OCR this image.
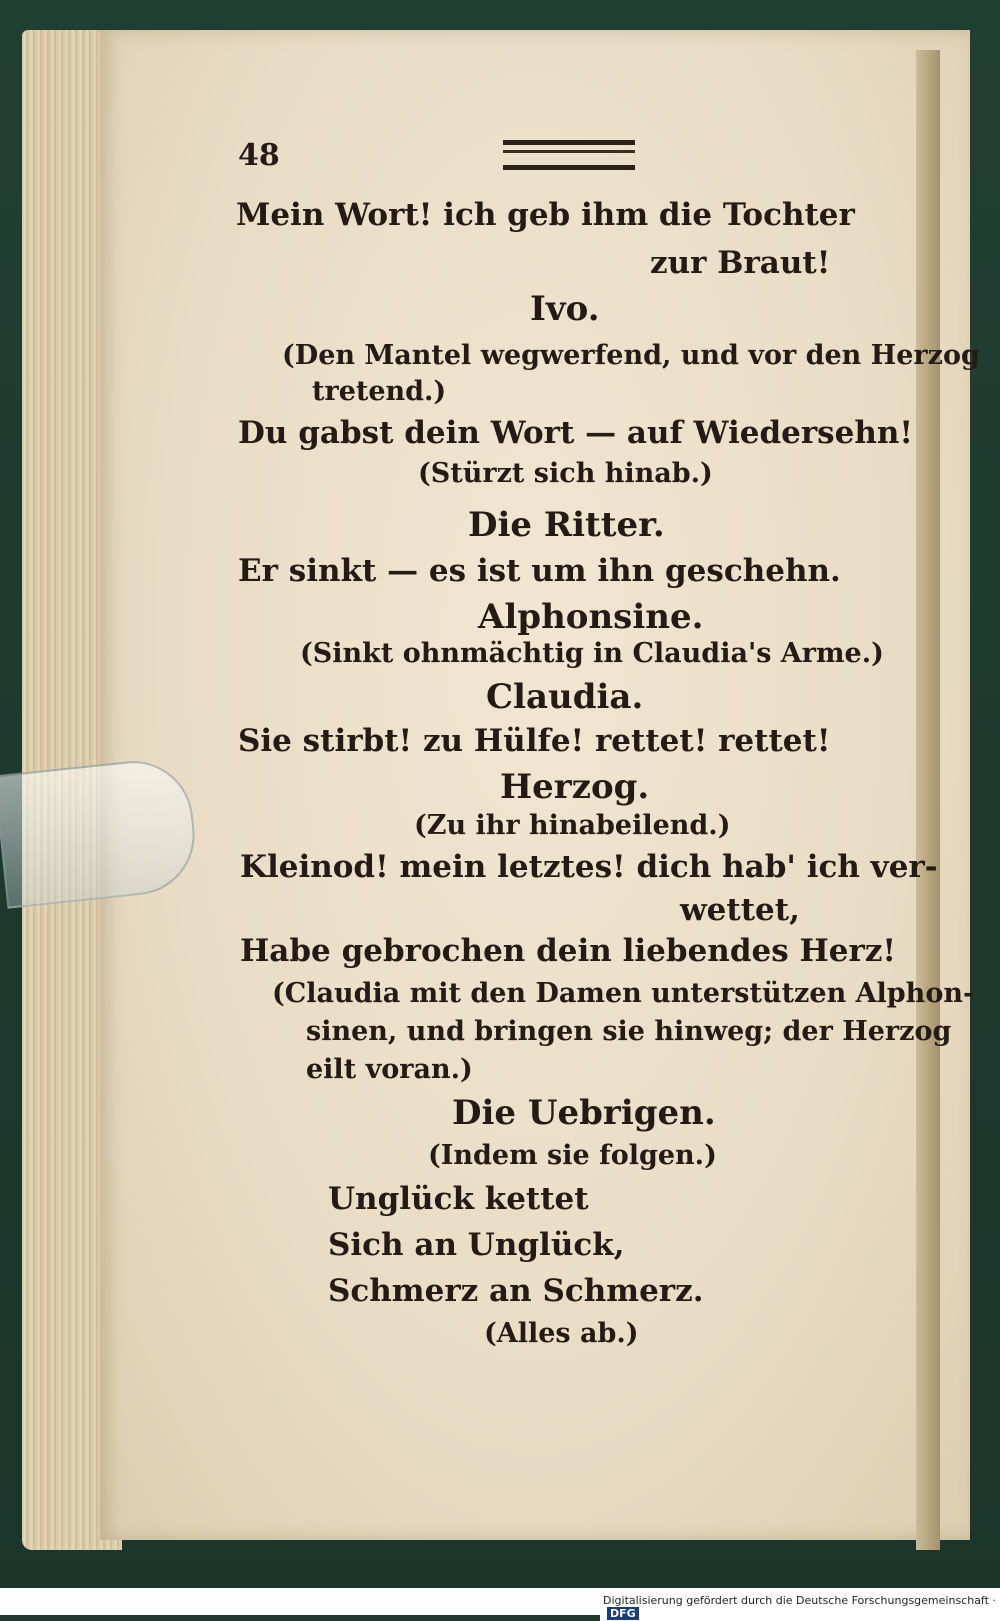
48
Mein Wort! ich geb ihm die Tochter
zur Braut!
Ivo.
(Den Mantel wegwerfend, und vor den Herzog
tretend.)
Du gabst dein Wort — auf Wiedersehn!
(Stürzt sich hinab.)
Die Ritter.
Er sinkt — es ist um ihn geschehn.
Alphonsine.
(Sinkt ohnmächtig in Claudia's Arme.)
Claudia.
Sie stirbt! zu Hülfe! rettet! rettet!
Herzog.
(Zu ihr hinabeilend.)
Kleinod! mein letztes! dich hab' ich ver-
wettet,
Habe gebrochen dein liebendes Herz!
(Claudia mit den Damen unterstützen Alphon-
sinen, und bringen sie hinweg; der Herzog
eilt voran.)
Die Uebrigen.
(Indem sie folgen.)
Unglück kettet
Sich an Unglück,
Schmerz an Schmerz.
(Alles ab.)
Digitalisierung gefördert durch die Deutsche Forschungsgemeinschaft · DFG
